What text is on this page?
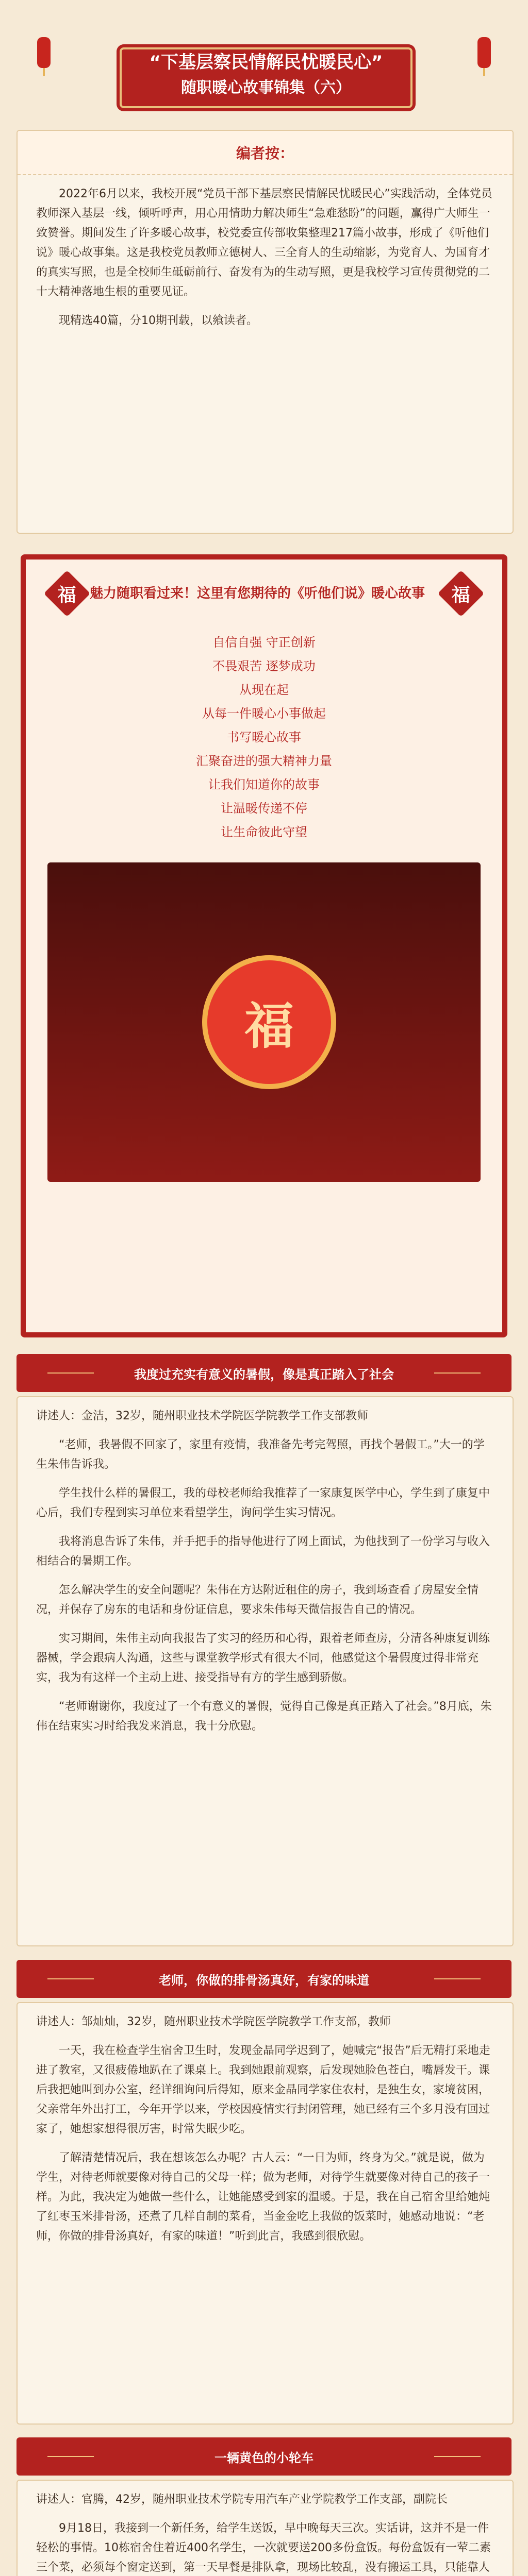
“下基层察民情解民忧暖民心”
随职暖心故事锦集（六）
编者按：

2022年6月以来，我校开展“党员干部下基层察民情解民忧暖民心”实践活动，全体党员教师深入基层一线，倾听呼声，用心用情助力解决师生“急难愁盼”的问题，赢得广大师生一致赞誉。期间发生了许多暖心故事，校党委宣传部收集整理217篇小故事，形成了《听他们说》暖心故事集。这是我校党员教师立德树人、三全育人的生动缩影，为党育人、为国育才的真实写照，也是全校师生砥砺前行、奋发有为的生动写照，更是我校学习宣传贯彻党的二十大精神落地生根的重要见证。

现精选40篇，分10期刊载，以飨读者。

福 魅力随职看过来！这里有您期待的《听他们说》暖心故事	福
自信自强 守正创新
不畏艰苦 逐梦成功
从现在起
从每一件暖心小事做起
书写暖心故事
汇聚奋进的强大精神力量
让我们知道你的故事
让温暖传递不停
让生命彼此守望
福
我度过充实有意义的暑假，像是真正踏入了社会

讲述人：金洁，32岁，随州职业技术学院医学院教学工作支部教师

“老师，我暑假不回家了，家里有疫情，我准备先考完驾照，再找个暑假工。”大一的学生朱伟告诉我。

学生找什么样的暑假工，我的母校老师给我推荐了一家康复医学中心，学生到了康复中心后，我们专程到实习单位来看望学生，询问学生实习情况。

我将消息告诉了朱伟，并手把手的指导他进行了网上面试，为他找到了一份学习与收入相结合的暑期工作。

怎么解决学生的安全问题呢？朱伟在方达附近租住的房子，我到场查看了房屋安全情况，并保存了房东的电话和身份证信息，要求朱伟每天微信报告自己的情况。

实习期间，朱伟主动向我报告了实习的经历和心得，跟着老师查房，分清各种康复训练器械，学会跟病人沟通，这些与课堂教学形式有很大不同，他感觉这个暑假度过得非常充实，我为有这样一个主动上进、接受指导有方的学生感到骄傲。

“老师谢谢你，我度过了一个有意义的暑假，觉得自己像是真正踏入了社会。”8月底，朱伟在结束实习时给我发来消息，我十分欣慰。

老师，你做的排骨汤真好，有家的味道

讲述人：邹灿灿，32岁，随州职业技术学院医学院教学工作支部，教师

一天，我在检查学生宿舍卫生时，发现金晶同学迟到了，她喊完“报告”后无精打采地走进了教室，又很疲倦地趴在了课桌上。我到她跟前观察，后发现她脸色苍白，嘴唇发干。课后我把她叫到办公室，经详细询问后得知，原来金晶同学家住农村，是独生女，家境贫困，父亲常年外出打工，今年开学以来，学校因疫情实行封闭管理，她已经有三个多月没有回过家了，她想家想得很厉害，时常失眠少吃。

了解清楚情况后，我在想该怎么办呢？古人云：“一日为师，终身为父。”就是说，做为学生，对待老师就要像对待自己的父母一样；做为老师，对待学生就要像对待自己的孩子一样。为此，我决定为她做一些什么，让她能感受到家的温暖。于是，我在自己宿舍里给她炖了红枣玉米排骨汤，还煮了几样自制的菜肴，当金金吃上我做的饭菜时，她感动地说：“老师，你做的排骨汤真好，有家的味道！”听到此言，我感到很欣慰。

一辆黄色的小轮车

讲述人：官腾，42岁，随州职业技术学院专用汽车产业学院教学工作支部，副院长

9月18日，我接到一个新任务，给学生送饭，早中晚每天三次。实话讲，这并不是一件轻松的事情。10栋宿舍住着近400名学生，一次就要送200多份盒饭。每份盒饭有一荤二素三个菜，必须每个窗定送到，第一天早餐是排队拿，现场比较乱，没有搬运工具，只能靠人
